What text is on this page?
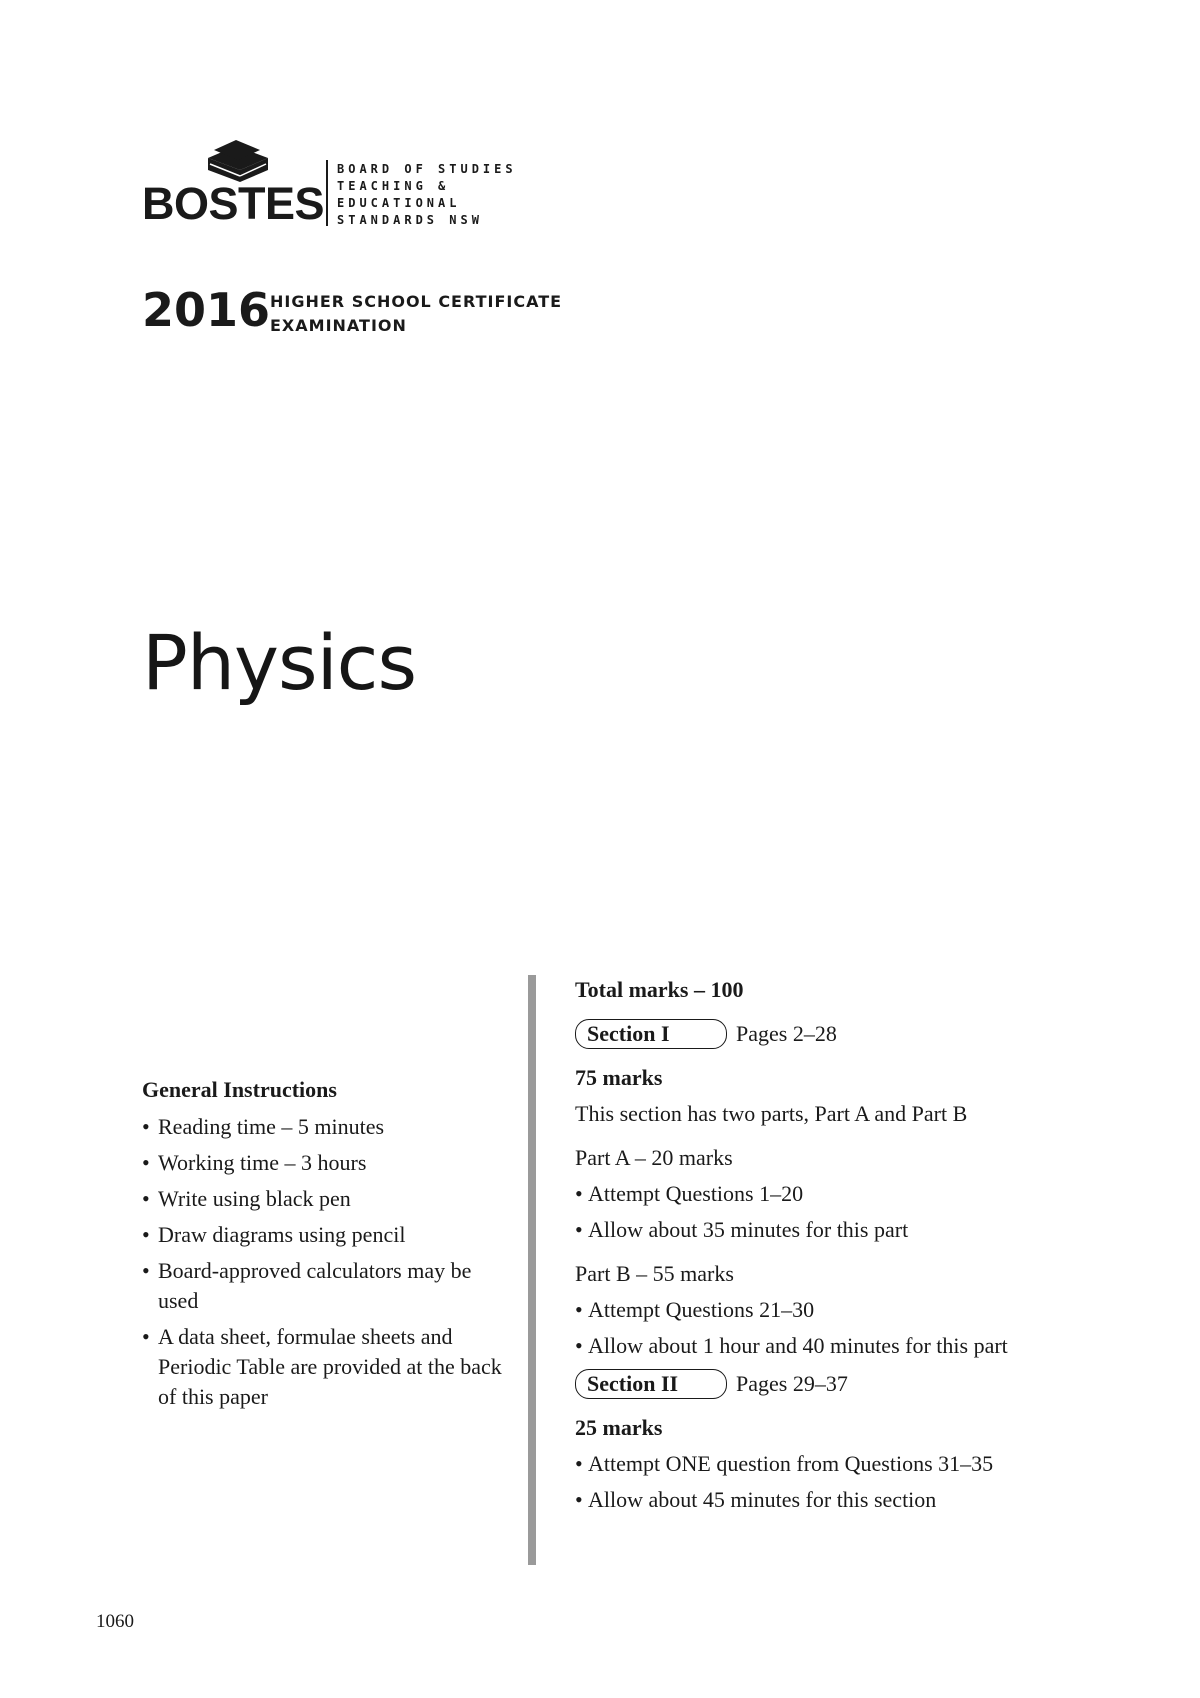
BOSTES
BOARD OF STUDIES
TEACHING &
EDUCATIONAL
STANDARDS NSW
2016 HIGHER SCHOOL CERTIFICATE
EXAMINATION
Physics
General Instructions
• Reading time – 5 minutes
• Working time – 3 hours
• Write using black pen
• Draw diagrams using pencil
• Board-approved calculators may be used
• A data sheet, formulae sheets and Periodic Table are provided at the back of this paper
Total marks – 100
Section I	Pages 2–28
75 marks
This section has two parts, Part A and Part B
Part A – 20 marks
• Attempt Questions 1–20
• Allow about 35 minutes for this part
Part B – 55 marks
• Attempt Questions 21–30
• Allow about 1 hour and 40 minutes for this part
Section II	Pages 29–37
25 marks
• Attempt ONE question from Questions 31–35
• Allow about 45 minutes for this section
1060
